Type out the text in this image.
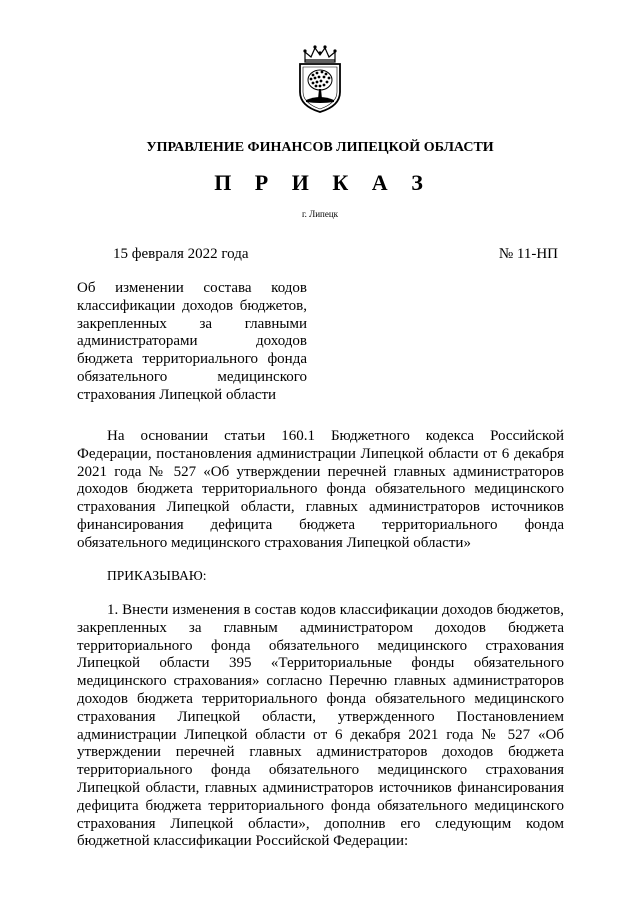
УПРАВЛЕНИЕ ФИНАНСОВ ЛИПЕЦКОЙ ОБЛАСТИ
П Р И К А З
г. Липецк
15 февраля 2022 года	№ 11-НП
Об изменении состава кодов классификации доходов бюджетов, закрепленных за главными администраторами доходов бюджета территориального фонда обязательного медицинского страхования Липецкой области

На основании статьи 160.1 Бюджетного кодекса Российской Федерации, постановления администрации Липецкой области от 6 декабря 2021 года № 527 «Об утверждении перечней главных администраторов доходов бюджета территориального фонда обязательного медицинского страхования Липецкой области, главных администраторов источников финансирования дефицита бюджета территориального фонда обязательного медицинского страхования Липецкой области»

ПРИКАЗЫВАЮ:

1. Внести изменения в состав кодов классификации доходов бюджетов, закрепленных за главным администратором доходов бюджета территориального фонда обязательного медицинского страхования Липецкой области 395 «Территориальные фонды обязательного медицинского страхования» согласно Перечню главных администраторов доходов бюджета территориального фонда обязательного медицинского страхования Липецкой области, утвержденного Постановлением администрации Липецкой области от 6 декабря 2021 года № 527 «Об утверждении перечней главных администраторов доходов бюджета территориального фонда обязательного медицинского страхования Липецкой области, главных администраторов источников финансирования дефицита бюджета территориального фонда обязательного медицинского страхования Липецкой области», дополнив его следующим кодом бюджетной классификации Российской Федерации:
